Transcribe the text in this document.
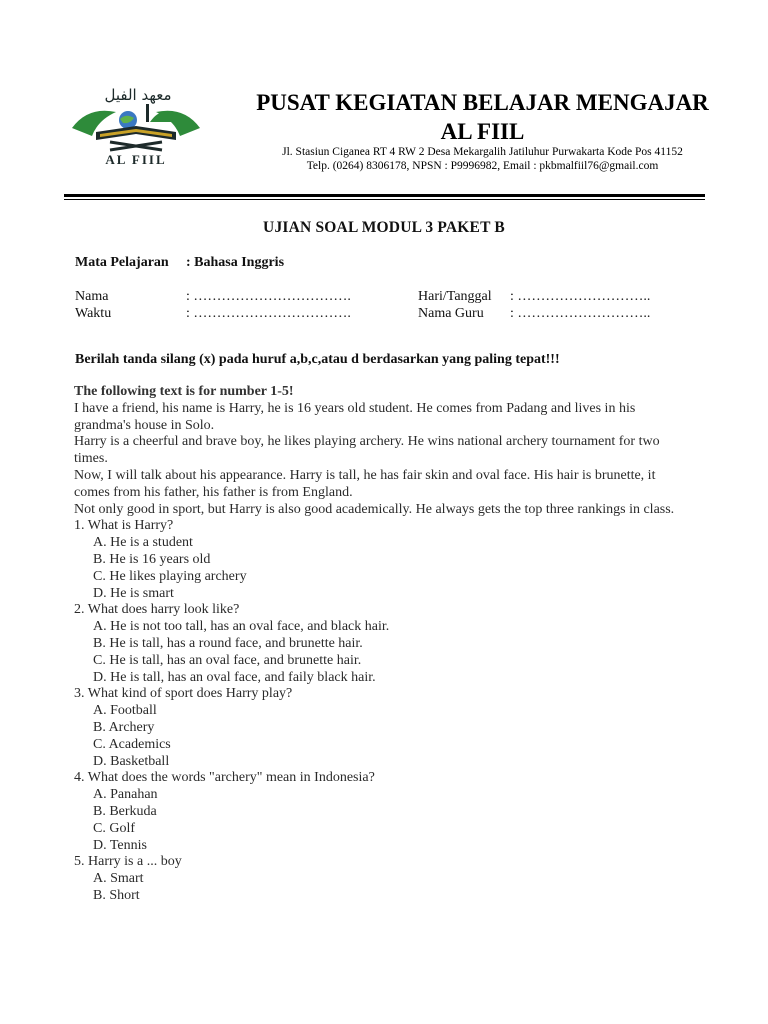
معهد الفيل
AL FIIL
PUSAT KEGIATAN BELAJAR MENGAJAR
AL FIIL
Jl. Stasiun Ciganea RT 4 RW 2 Desa Mekargalih Jatiluhur Purwakarta Kode Pos 41152
Telp. (0264) 8306178, NPSN : P9996982, Email : pkbmalfiil76@gmail.com
UJIAN SOAL MODUL 3 PAKET B
Mata Pelajaran : Bahasa Inggris
Nama	: …………………………….
Waktu	: …………………………….
Hari/Tanggal : ………………………..
Nama Guru : ………………………..
Berilah tanda silang (x) pada huruf a,b,c,atau d berdasarkan yang paling tepat!!!

The following text is for number 1-5!

I have a friend, his name is Harry, he is 16 years old student. He comes from Padang and lives in his grandma's house in Solo.

Harry is a cheerful and brave boy, he likes playing archery. He wins national archery tournament for two times.

Now, I will talk about his appearance. Harry is tall, he has fair skin and oval face. His hair is brunette, it comes from his father, his father is from England.

Not only good in sport, but Harry is also good academically. He always gets the top three rankings in class.

1. What is Harry?

A. He is a student

B. He is 16 years old

C. He likes playing archery

D. He is smart

2. What does harry look like?

A. He is not too tall, has an oval face, and black hair.

B. He is tall, has a round face, and brunette hair.

C. He is tall, has an oval face, and brunette hair.

D. He is tall, has an oval face, and faily black hair.

3. What kind of sport does Harry play?

A. Football

B. Archery

C. Academics

D. Basketball

4. What does the words "archery" mean in Indonesia?

A. Panahan

B. Berkuda

C. Golf

D. Tennis

5. Harry is a ... boy

A. Smart

B. Short
